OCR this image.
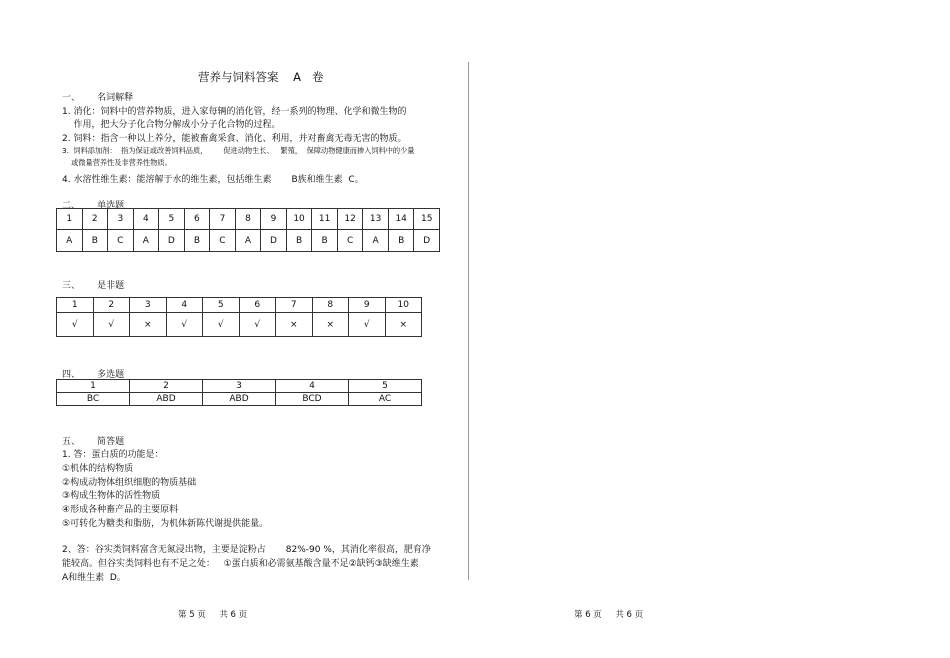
营养与饲料答案    A   卷
一、      名词解释
1. 消化：饲料中的营养物质，进入家每辆的消化管，经一系列的物理、化学和微生物的
作用，把大分子化合物分解成小分子化合物的过程。
2. 饲料：指含一种以上养分，能被畜禽采食、消化、利用，并对畜禽无毒无害的物质。
3.  饲料添加剂：  指为保证或改善饲料品质，       促进动物生长、   繁殖，  保障动物健康而掺入饲料中的少量
或微量营养性及非营养性物质。
4. 水溶性维生素：能溶解于水的维生素，包括维生素       B族和维生素  C。
二、      单选题
1	2	3	4	5	6	7	8	9	10	11	12	13	14	15
A	B	C	A	D	B	C	A	D	B	B	C	A	B	D
三、      是非题
1	2	3	4	5	6	7	8	9	10
√	√	×	√	√	√	×	×	√	×
四、      多选题
1	2	3	4	5
BC	ABD	ABD	BCD	AC
五、      简答题
1. 答：蛋白质的功能是：
①机体的结构物质
②构成动物体组织细胞的物质基础
③构成生物体的活性物质
④形成各种畜产品的主要原料
⑤可转化为糖类和脂肪，为机体新陈代谢提供能量。
2、答：谷实类饲料富含无氮浸出物，主要是淀粉占       82%-90 %，其消化率很高，肥育净
能较高。但谷实类饲料也有不足之处：   ①蛋白质和必需氨基酸含量不足②缺钙③缺维生素
A和维生素  D。
第 5 页     共 6 页	第 6 页     共 6 页
